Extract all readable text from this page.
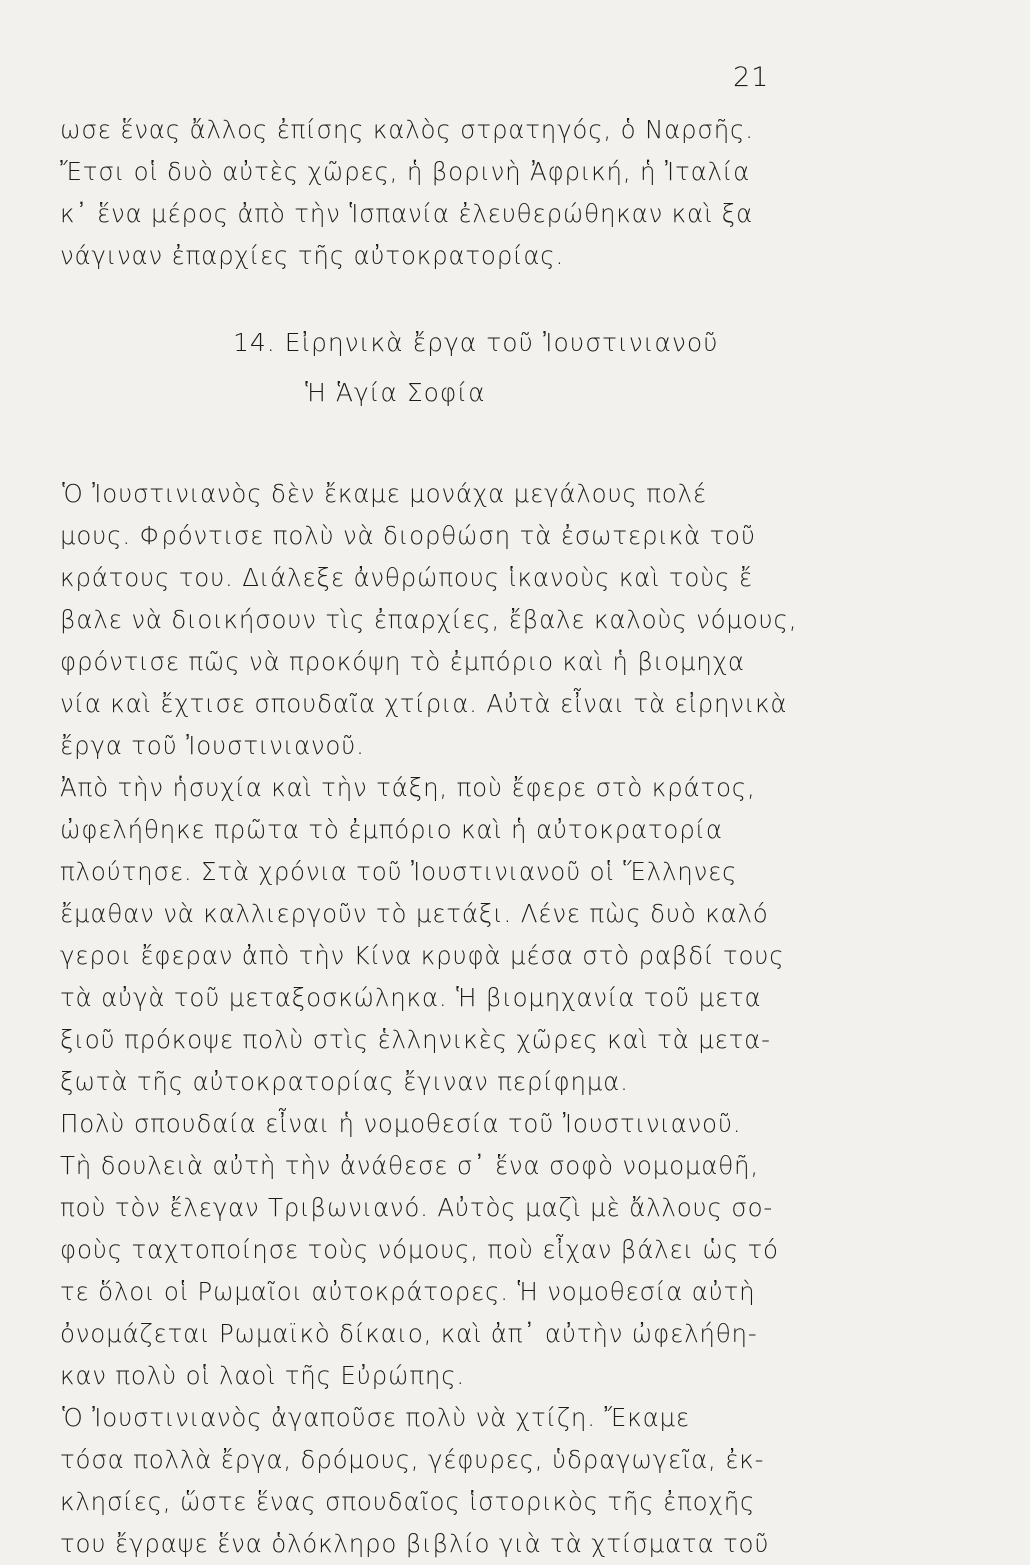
21
ωσε ἕνας ἄλλος ἐπίσης καλὸς στρατηγός, ὁ Ναρσῆς.
Ἔτσι οἱ δυὸ αὐτὲς χῶρες, ἡ βορινὴ Ἀφρική, ἡ Ἰταλία
κ᾽ ἕνα μέρος ἀπὸ τὴν Ἱσπανία ἐλευθερώθηκαν καὶ ξα
νάγιναν ἐπαρχίες τῆς αὐτοκρατορίας.
14. Εἰρηνικὰ ἔργα τοῦ Ἰουστινιανοῦ
Ἡ Ἁγία Σοφία
Ὁ Ἰουστινιανὸς δὲν ἔκαμε μονάχα μεγάλους πολέ
μους. Φρόντισε πολὺ νὰ διορθώση τὰ ἐσωτερικὰ τοῦ
κράτους του. Διάλεξε ἀνθρώπους ἱκανοὺς καὶ τοὺς ἔ
βαλε νὰ διοικήσουν τὶς ἐπαρχίες, ἔβαλε καλοὺς νόμους,
φρόντισε πῶς νὰ προκόψη τὸ ἐμπόριο καὶ ἡ βιομηχα
νία καὶ ἔχτισε σπουδαῖα χτίρια. Αὐτὰ εἶναι τὰ εἰρηνικὰ
ἔργα τοῦ Ἰουστινιανοῦ.
Ἀπὸ τὴν ἡσυχία καὶ τὴν τάξη, ποὺ ἔφερε στὸ κράτος,
ὠφελήθηκε πρῶτα τὸ ἐμπόριο καὶ ἡ αὐτοκρατορία
πλούτησε. Στὰ χρόνια τοῦ Ἰουστινιανοῦ οἱ Ἕλληνες
ἔμαθαν νὰ καλλιεργοῦν τὸ μετάξι. Λένε πὼς δυὸ καλό
γεροι ἔφεραν ἀπὸ τὴν Κίνα κρυφὰ μέσα στὸ ραβδί τους
τὰ αὐγὰ τοῦ μεταξοσκώληκα. Ἡ βιομηχανία τοῦ μετα
ξιοῦ πρόκοψε πολὺ στὶς ἑλληνικὲς χῶρες καὶ τὰ μετα-
ξωτὰ τῆς αὐτοκρατορίας ἔγιναν περίφημα.
Πολὺ σπουδαία εἶναι ἡ νομοθεσία τοῦ Ἰουστινιανοῦ.
Τὴ δουλειὰ αὐτὴ τὴν ἀνάθεσε σ᾽ ἕνα σοφὸ νομομαθῆ,
ποὺ τὸν ἔλεγαν Τριβωνιανό. Αὐτὸς μαζὶ μὲ ἄλλους σο-
φοὺς ταχτοποίησε τοὺς νόμους, ποὺ εἶχαν βάλει ὡς τό
τε ὅλοι οἱ Ρωμαῖοι αὐτοκράτορες. Ἡ νομοθεσία αὐτὴ
ὀνομάζεται Ρωμαϊκὸ δίκαιο, καὶ ἀπ᾽ αὐτὴν ὠφελήθη-
καν πολὺ οἱ λαοὶ τῆς Εὐρώπης.
Ὁ Ἰουστινιανὸς ἀγαποῦσε πολὺ νὰ χτίζη. Ἔκαμε
τόσα πολλὰ ἔργα, δρόμους, γέφυρες, ὑδραγωγεῖα, ἐκ-
κλησίες, ὥστε ἕνας σπουδαῖος ἱστορικὸς τῆς ἐποχῆς
του ἔγραψε ἕνα ὁλόκληρο βιβλίο γιὰ τὰ χτίσματα τοῦ
